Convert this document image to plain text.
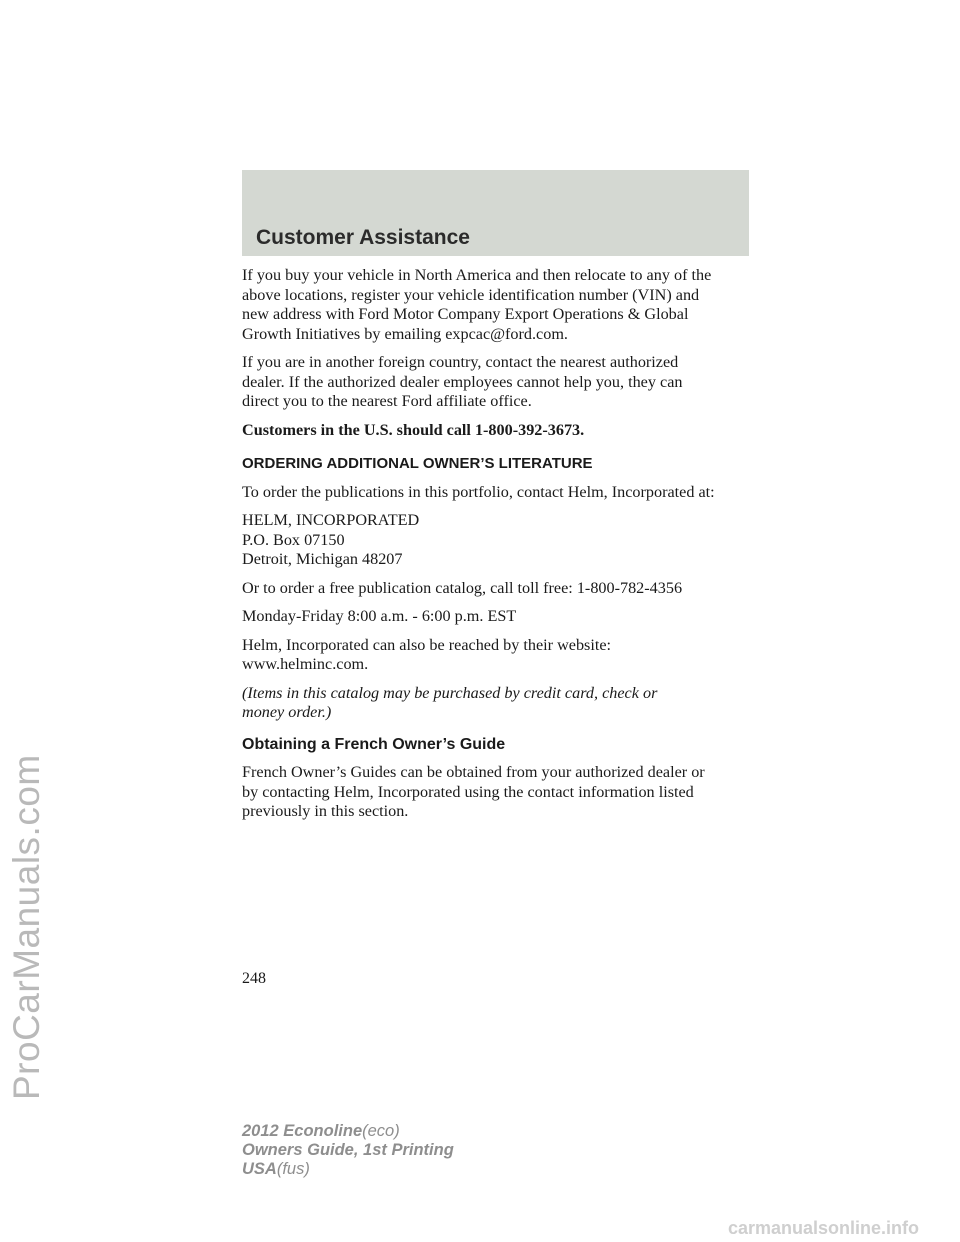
ProCarManuals.com
Customer Assistance

If you buy your vehicle in North America and then relocate to any of the
above locations, register your vehicle identification number (VIN) and
new address with Ford Motor Company Export Operations & Global
Growth Initiatives by emailing expcac@ford.com.

If you are in another foreign country, contact the nearest authorized
dealer. If the authorized dealer employees cannot help you, they can
direct you to the nearest Ford affiliate office.

Customers in the U.S. should call 1-800-392-3673.

ORDERING ADDITIONAL OWNER’S LITERATURE

To order the publications in this portfolio, contact Helm, Incorporated at:

HELM, INCORPORATED
P.O. Box 07150
Detroit, Michigan 48207

Or to order a free publication catalog, call toll free: 1-800-782-4356

Monday-Friday 8:00 a.m. - 6:00 p.m. EST

Helm, Incorporated can also be reached by their website:
www.helminc.com.

(Items in this catalog may be purchased by credit card, check or
money order.)

Obtaining a French Owner’s Guide

French Owner’s Guides can be obtained from your authorized dealer or
by contacting Helm, Incorporated using the contact information listed
previously in this section.

248
2012 Econoline(eco)
Owners Guide, 1st Printing
USA(fus)
carmanualsonline.info
